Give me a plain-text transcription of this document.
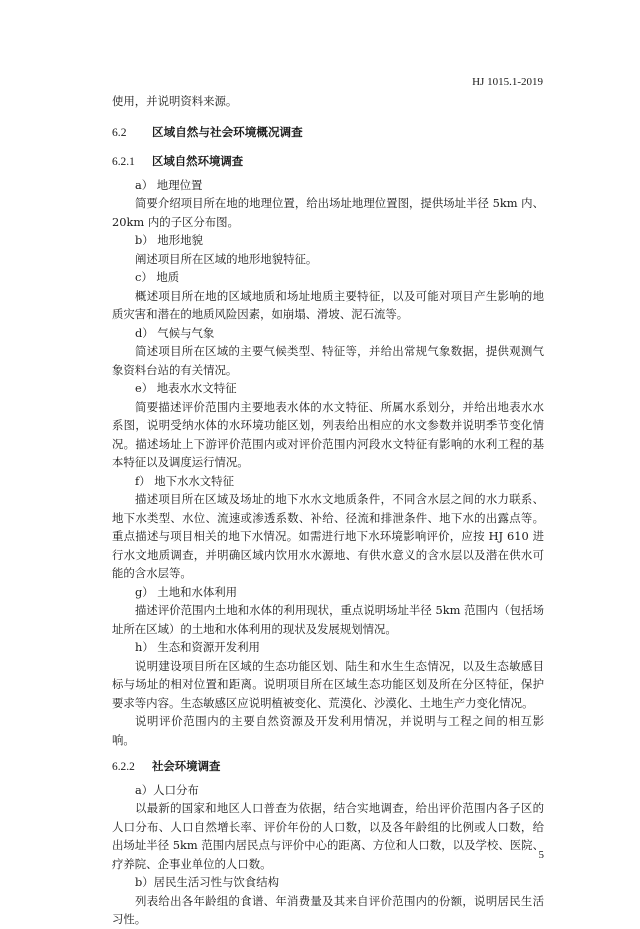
HJ 1015.1-2019

使用，并说明资料来源。

6.2 区域自然与社会环境概况调查
6.2.1 区域自然环境调查

a） 地理位置

简要介绍项目所在地的地理位置，给出场址地理位置图，提供场址半径 5km 内、20km 内的子区分布图。

b） 地形地貌

阐述项目所在区域的地形地貌特征。

c） 地质

概述项目所在地的区域地质和场址地质主要特征，以及可能对项目产生影响的地质灾害和潜在的地质风险因素，如崩塌、滑坡、泥石流等。

d） 气候与气象

简述项目所在区域的主要气候类型、特征等，并给出常规气象数据，提供观测气象资料台站的有关情况。

e） 地表水水文特征

简要描述评价范围内主要地表水体的水文特征、所属水系划分，并给出地表水水系图，说明受纳水体的水环境功能区划，列表给出相应的水文参数并说明季节变化情况。描述场址上下游评价范围内或对评价范围内河段水文特征有影响的水利工程的基本特征以及调度运行情况。

f） 地下水水文特征

描述项目所在区域及场址的地下水水文地质条件，不同含水层之间的水力联系、地下水类型、水位、流速或渗透系数、补给、径流和排泄条件、地下水的出露点等。重点描述与项目相关的地下水情况。如需进行地下水环境影响评价，应按 HJ 610 进行水文地质调查，并明确区域内饮用水水源地、有供水意义的含水层以及潜在供水可能的含水层等。

g） 土地和水体利用

描述评价范围内土地和水体的利用现状，重点说明场址半径 5km 范围内（包括场址所在区域）的土地和水体利用的现状及发展规划情况。

h） 生态和资源开发利用

说明建设项目所在区域的生态功能区划、陆生和水生生态情况，以及生态敏感目标与场址的相对位置和距离。说明项目所在区域生态功能区划及所在分区特征，保护要求等内容。生态敏感区应说明植被变化、荒漠化、沙漠化、土地生产力变化情况。

说明评价范围内的主要自然资源及开发利用情况，并说明与工程之间的相互影响。

6.2.2 社会环境调查

a）人口分布

以最新的国家和地区人口普查为依据，结合实地调查，给出评价范围内各子区的人口分布、人口自然增长率、评价年份的人口数，以及各年龄组的比例或人口数，给出场址半径 5km 范围内居民点与评价中心的距离、方位和人口数，以及学校、医院、疗养院、企事业单位的人口数。

b）居民生活习性与饮食结构

列表给出各年龄组的食谱、年消费量及其来自评价范围内的份额，说明居民生活习性。

5
